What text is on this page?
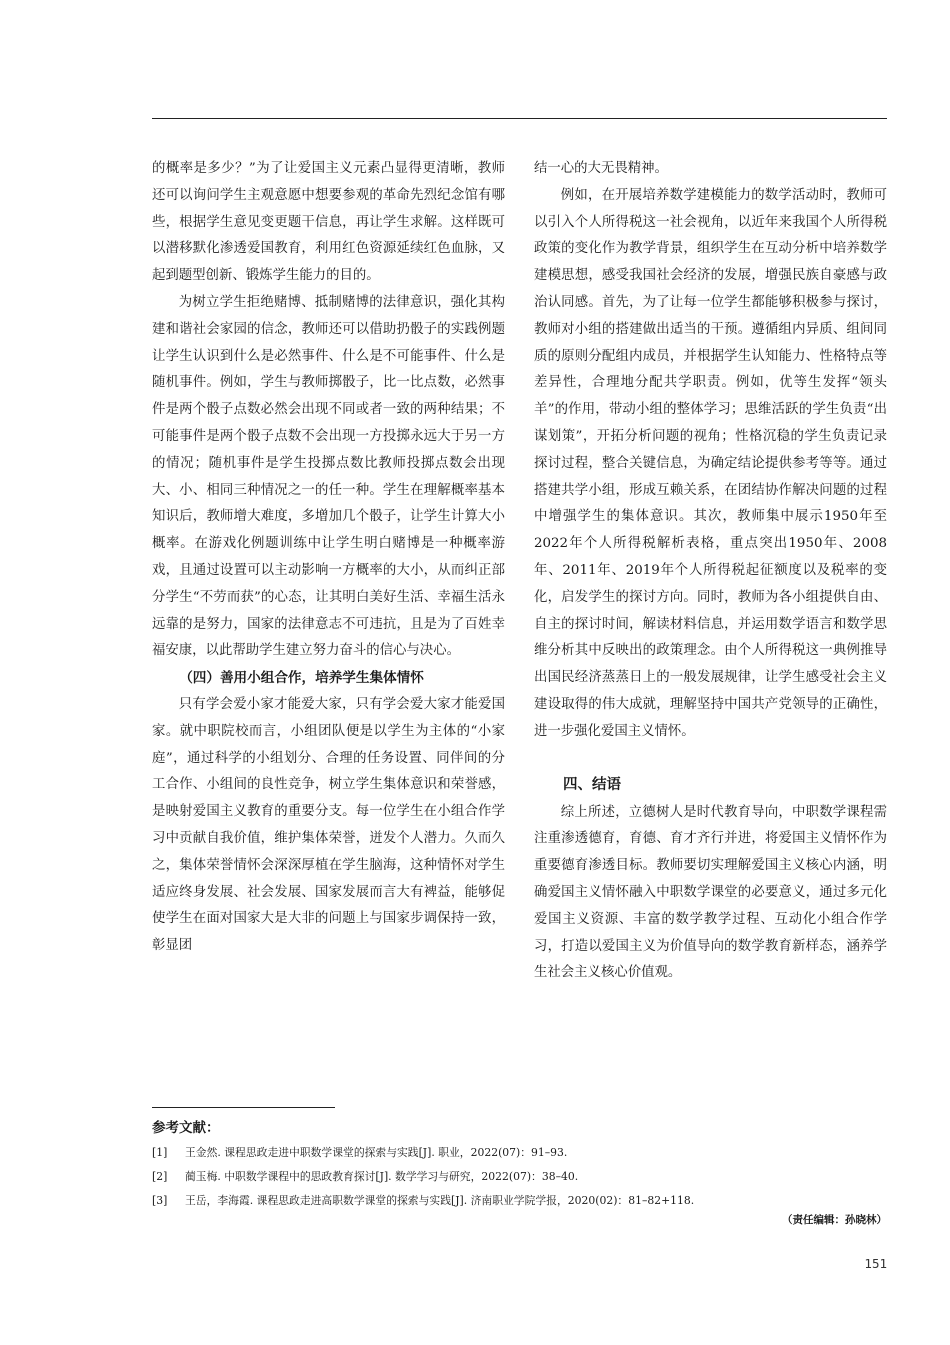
的概率是多少？”为了让爱国主义元素凸显得更清晰，教师还可以询问学生主观意愿中想要参观的革命先烈纪念馆有哪些，根据学生意见变更题干信息，再让学生求解。这样既可以潜移默化渗透爱国教育，利用红色资源延续红色血脉，又起到题型创新、锻炼学生能力的目的。

为树立学生拒绝赌博、抵制赌博的法律意识，强化其构建和谐社会家园的信念，教师还可以借助扔骰子的实践例题让学生认识到什么是必然事件、什么是不可能事件、什么是随机事件。例如，学生与教师掷骰子，比一比点数，必然事件是两个骰子点数必然会出现不同或者一致的两种结果；不可能事件是两个骰子点数不会出现一方投掷永远大于另一方的情况；随机事件是学生投掷点数比教师投掷点数会出现大、小、相同三种情况之一的任一种。学生在理解概率基本知识后，教师增大难度，多增加几个骰子，让学生计算大小概率。在游戏化例题训练中让学生明白赌博是一种概率游戏，且通过设置可以主动影响一方概率的大小，从而纠正部分学生“不劳而获”的心态，让其明白美好生活、幸福生活永远靠的是努力，国家的法律意志不可违抗，且是为了百姓幸福安康，以此帮助学生建立努力奋斗的信心与决心。

（四）善用小组合作，培养学生集体情怀

只有学会爱小家才能爱大家，只有学会爱大家才能爱国家。就中职院校而言，小组团队便是以学生为主体的“小家庭”，通过科学的小组划分、合理的任务设置、同伴间的分工合作、小组间的良性竞争，树立学生集体意识和荣誉感，是映射爱国主义教育的重要分支。每一位学生在小组合作学习中贡献自我价值，维护集体荣誉，迸发个人潜力。久而久之，集体荣誉情怀会深深厚植在学生脑海，这种情怀对学生适应终身发展、社会发展、国家发展而言大有裨益，能够促使学生在面对国家大是大非的问题上与国家步调保持一致，彰显团

结一心的大无畏精神。

例如，在开展培养数学建模能力的数学活动时，教师可以引入个人所得税这一社会视角，以近年来我国个人所得税政策的变化作为教学背景，组织学生在互动分析中培养数学建模思想，感受我国社会经济的发展，增强民族自豪感与政治认同感。首先，为了让每一位学生都能够积极参与探讨，教师对小组的搭建做出适当的干预。遵循组内异质、组间同质的原则分配组内成员，并根据学生认知能力、性格特点等差异性，合理地分配共学职责。例如，优等生发挥“领头羊”的作用，带动小组的整体学习；思维活跃的学生负责“出谋划策”，开拓分析问题的视角；性格沉稳的学生负责记录探讨过程，整合关键信息，为确定结论提供参考等等。通过搭建共学小组，形成互赖关系，在团结协作解决问题的过程中增强学生的集体意识。其次，教师集中展示1950年至2022年个人所得税解析表格，重点突出1950年、2008年、2011年、2019年个人所得税起征额度以及税率的变化，启发学生的探讨方向。同时，教师为各小组提供自由、自主的探讨时间，解读材料信息，并运用数学语言和数学思维分析其中反映出的政策理念。由个人所得税这一典例推导出国民经济蒸蒸日上的一般发展规律，让学生感受社会主义建设取得的伟大成就，理解坚持中国共产党领导的正确性，进一步强化爱国主义情怀。

四、结语

综上所述，立德树人是时代教育导向，中职数学课程需注重渗透德育，育德、育才齐行并进，将爱国主义情怀作为重要德育渗透目标。教师要切实理解爱国主义核心内涵，明确爱国主义情怀融入中职数学课堂的必要意义，通过多元化爱国主义资源、丰富的数学教学过程、互动化小组合作学习，打造以爱国主义为价值导向的数学教育新样态，涵养学生社会主义核心价值观。

参考文献：
[1] 王金然. 课程思政走进中职数学课堂的探索与实践[J]. 职业，2022(07)：91–93.
[2] 蔺玉梅. 中职数学课程中的思政教育探讨[J]. 数学学习与研究，2022(07)：38–40.
[3] 王岳，李海霞. 课程思政走进高职数学课堂的探索与实践[J]. 济南职业学院学报，2020(02)：81–82+118.
（责任编辑：孙晓林）
151
